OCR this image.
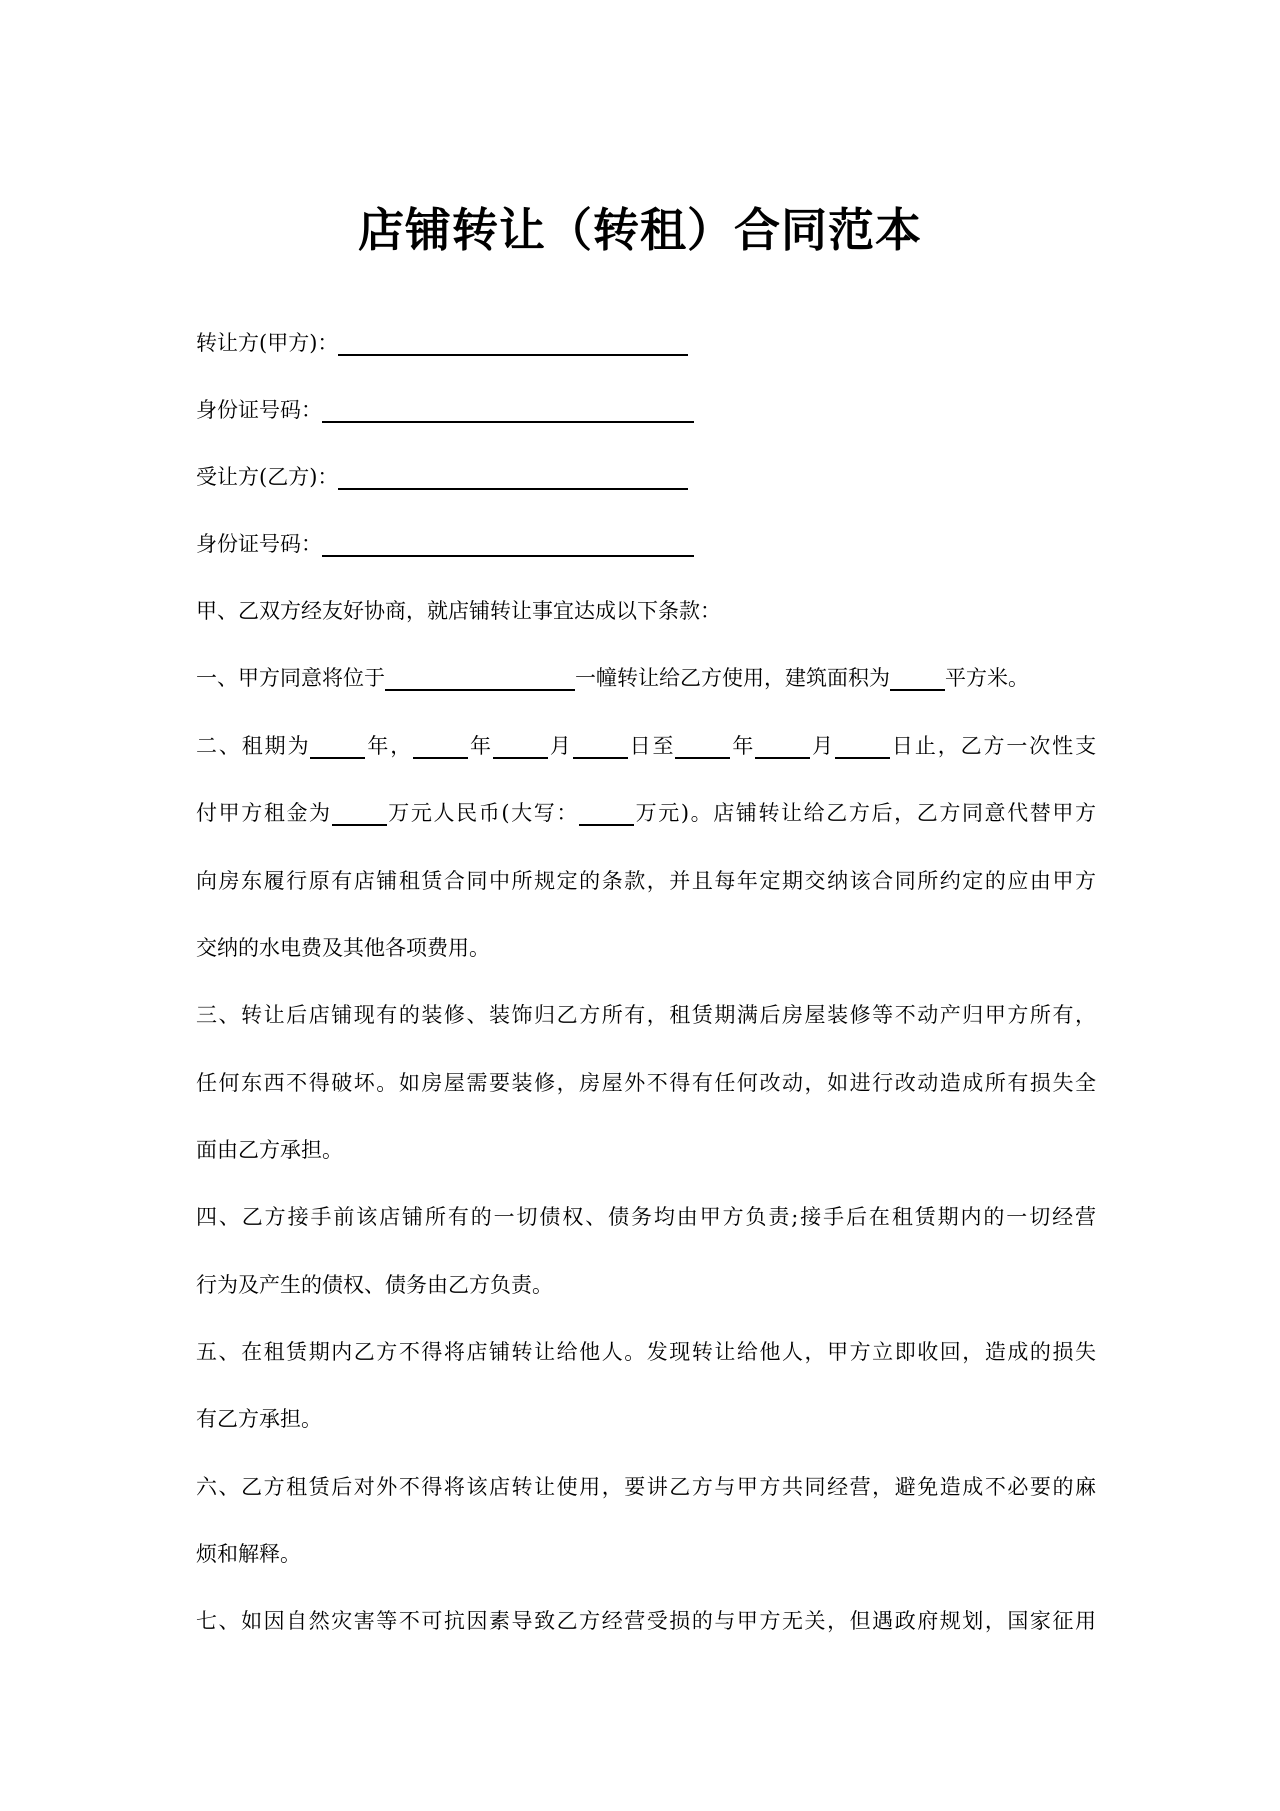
店铺转让（转租）合同范本
转让方(甲方)：
身份证号码：
受让方(乙方)：
身份证号码：
甲、乙双方经友好协商，就店铺转让事宜达成以下条款：
一、甲方同意将位于	一幢转让给乙方使用，建筑面积为	平方米。
二、租期为	年，	年	月	日至	年	月	日止，乙方一次性支
付甲方租金为	万元人民币(大写：	万元)。店铺转让给乙方后，乙方同意代替甲方
向房东履行原有店铺租赁合同中所规定的条款，并且每年定期交纳该合同所约定的应由甲方
交纳的水电费及其他各项费用。
三、转让后店铺现有的装修、装饰归乙方所有，租赁期满后房屋装修等不动产归甲方所有，
任何东西不得破坏。如房屋需要装修，房屋外不得有任何改动，如进行改动造成所有损失全
面由乙方承担。
四、乙方接手前该店铺所有的一切债权、债务均由甲方负责;接手后在租赁期内的一切经营
行为及产生的债权、债务由乙方负责。
五、在租赁期内乙方不得将店铺转让给他人。发现转让给他人，甲方立即收回，造成的损失
有乙方承担。
六、乙方租赁后对外不得将该店转让使用，要讲乙方与甲方共同经营，避免造成不必要的麻
烦和解释。
七、如因自然灾害等不可抗因素导致乙方经营受损的与甲方无关，但遇政府规划，国家征用
